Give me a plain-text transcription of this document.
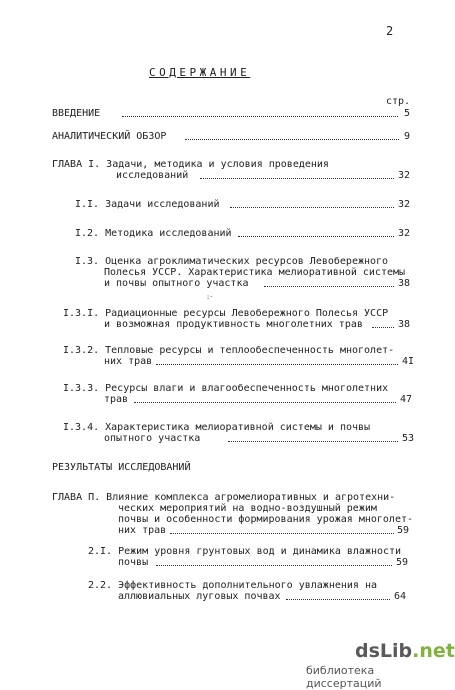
2
СОДЕРЖАНИЕ
стр.
ВВЕДЕНИЕ	5
АНАЛИТИЧЕСКИЙ ОБЗОР	9
ГЛАВА I. Задачи, методика и условия проведения
исследований	32
I.I. Задачи исследований	32
I.2. Методика исследований	32
I.3. Оценка агроклиматических ресурсов Левобережного
Полесья УССР. Характеристика мелиоративной системы
и почвы опытного участка	38
ꓽ·
I.3.I. Радиационные ресурсы Левобережного Полесья УССР
и возможная продуктивность многолетних трав	38
I.3.2. Тепловые ресурсы и теплообеспеченность многолет-
них трав	4I
I.3.3. Ресурсы влаги и влагообеспеченность многолетних
трав	47
I.3.4. Характеристика мелиоративной системы и почвы
опытного участка	53
РЕЗУЛЬТАТЫ ИССЛЕДОВАНИЙ
ГЛАВА П. Влияние комплекса агромелиоративных и агротехни-
ческих мероприятий на водно-воздушный режим
почвы и особенности формирования урожая многолет-
них трав	59
2.I. Режим уровня грунтовых вод и динамика влажности
почвы	59
2.2. Эффективность дополнительного увлажнения на
аллювиальных луговых почвах	64
dsLib.net
библиотека диссертаций
